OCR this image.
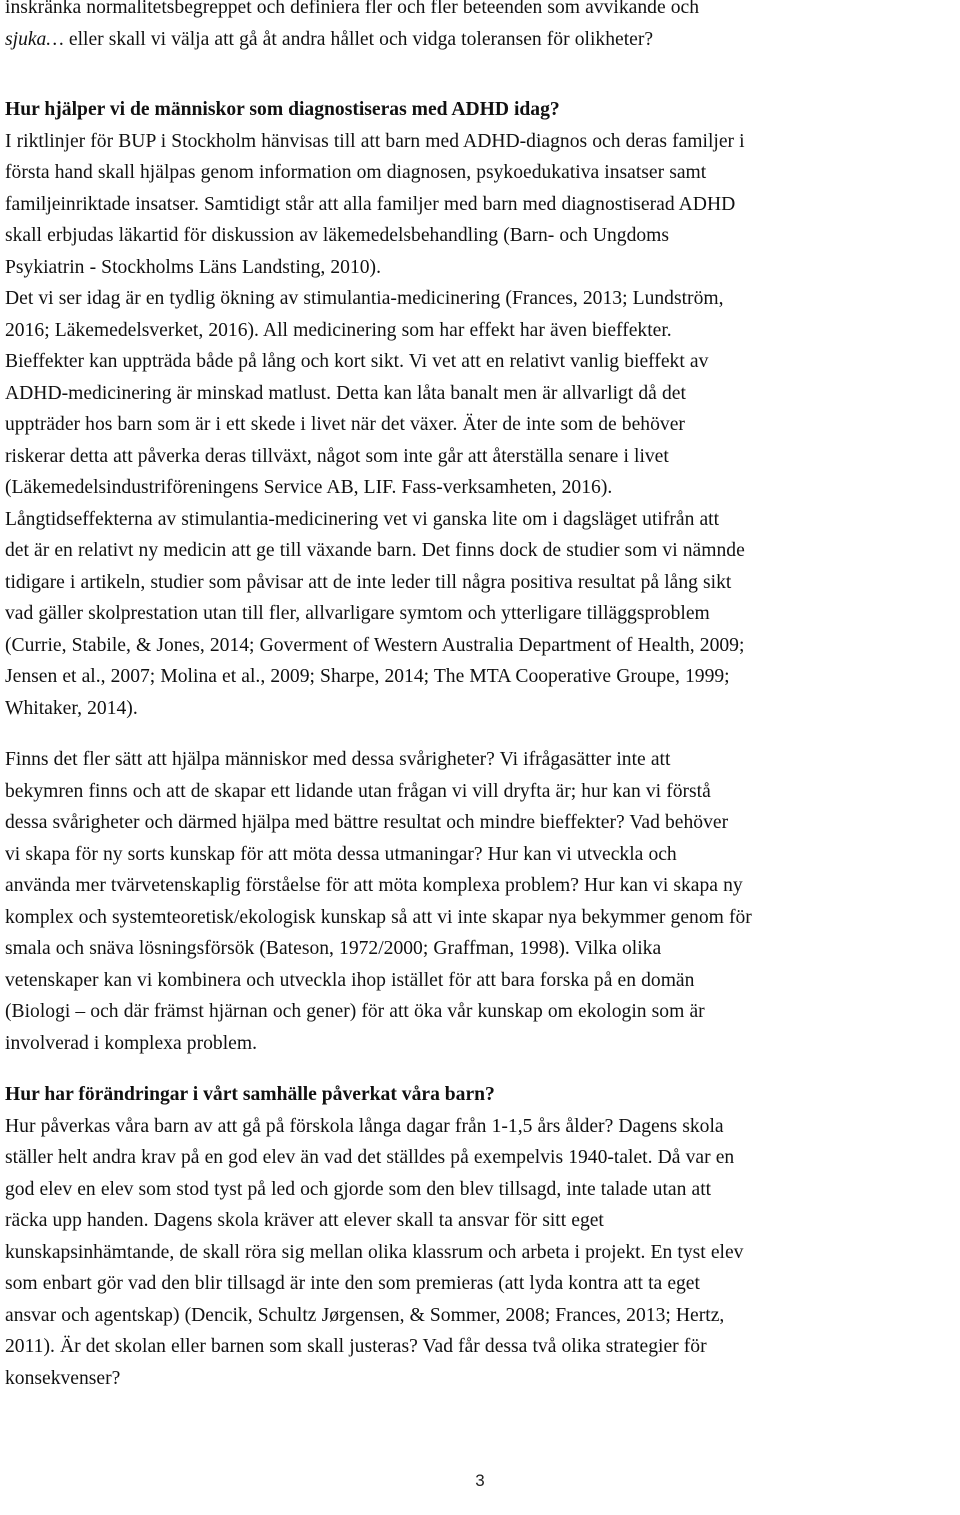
inskränka normalitetsbegreppet och definiera fler och fler beteenden som avvikande och
sjuka… eller skall vi välja att gå åt andra hållet och vidga toleransen för olikheter?

Hur hjälper vi de människor som diagnostiseras med ADHD idag?

I riktlinjer för BUP i Stockholm hänvisas till att barn med ADHD-diagnos och deras familjer i
första hand skall hjälpas genom information om diagnosen, psykoedukativa insatser samt
familjeinriktade insatser. Samtidigt står att alla familjer med barn med diagnostiserad ADHD
skall erbjudas läkartid för diskussion av läkemedelsbehandling (Barn- och Ungdoms
Psykiatrin - Stockholms Läns Landsting, 2010).
Det vi ser idag är en tydlig ökning av stimulantia-medicinering (Frances, 2013; Lundström,
2016; Läkemedelsverket, 2016). All medicinering som har effekt har även bieffekter.
Bieffekter kan uppträda både på lång och kort sikt. Vi vet att en relativt vanlig bieffekt av
ADHD-medicinering är minskad matlust. Detta kan låta banalt men är allvarligt då det
uppträder hos barn som är i ett skede i livet när det växer. Äter de inte som de behöver
riskerar detta att påverka deras tillväxt, något som inte går att återställa senare i livet
(Läkemedelsindustriföreningens Service AB, LIF. Fass-verksamheten, 2016).
Långtidseffekterna av stimulantia-medicinering vet vi ganska lite om i dagsläget utifrån att
det är en relativt ny medicin att ge till växande barn. Det finns dock de studier som vi nämnde
tidigare i artikeln, studier som påvisar att de inte leder till några positiva resultat på lång sikt
vad gäller skolprestation utan till fler, allvarligare symtom och ytterligare tilläggsproblem
(Currie, Stabile, & Jones, 2014; Goverment of Western Australia Department of Health, 2009;
Jensen et al., 2007; Molina et al., 2009; Sharpe, 2014; The MTA Cooperative Groupe, 1999;
Whitaker, 2014).

Finns det fler sätt att hjälpa människor med dessa svårigheter? Vi ifrågasätter inte att
bekymren finns och att de skapar ett lidande utan frågan vi vill dryfta är; hur kan vi förstå
dessa svårigheter och därmed hjälpa med bättre resultat och mindre bieffekter? Vad behöver
vi skapa för ny sorts kunskap för att möta dessa utmaningar? Hur kan vi utveckla och
använda mer tvärvetenskaplig förståelse för att möta komplexa problem? Hur kan vi skapa ny
komplex och systemteoretisk/ekologisk kunskap så att vi inte skapar nya bekymmer genom för
smala och snäva lösningsförsök (Bateson, 1972/2000; Graffman, 1998). Vilka olika
vetenskaper kan vi kombinera och utveckla ihop istället för att bara forska på en domän
(Biologi – och där främst hjärnan och gener) för att öka vår kunskap om ekologin som är
involverad i komplexa problem.

Hur har förändringar i vårt samhälle påverkat våra barn?

Hur påverkas våra barn av att gå på förskola långa dagar från 1-1,5 års ålder? Dagens skola
ställer helt andra krav på en god elev än vad det ställdes på exempelvis 1940-talet. Då var en
god elev en elev som stod tyst på led och gjorde som den blev tillsagd, inte talade utan att
räcka upp handen. Dagens skola kräver att elever skall ta ansvar för sitt eget
kunskapsinhämtande, de skall röra sig mellan olika klassrum och arbeta i projekt. En tyst elev
som enbart gör vad den blir tillsagd är inte den som premieras (att lyda kontra att ta eget
ansvar och agentskap) (Dencik, Schultz Jørgensen, & Sommer, 2008; Frances, 2013; Hertz,
2011). Är det skolan eller barnen som skall justeras? Vad får dessa två olika strategier för
konsekvenser?

3
